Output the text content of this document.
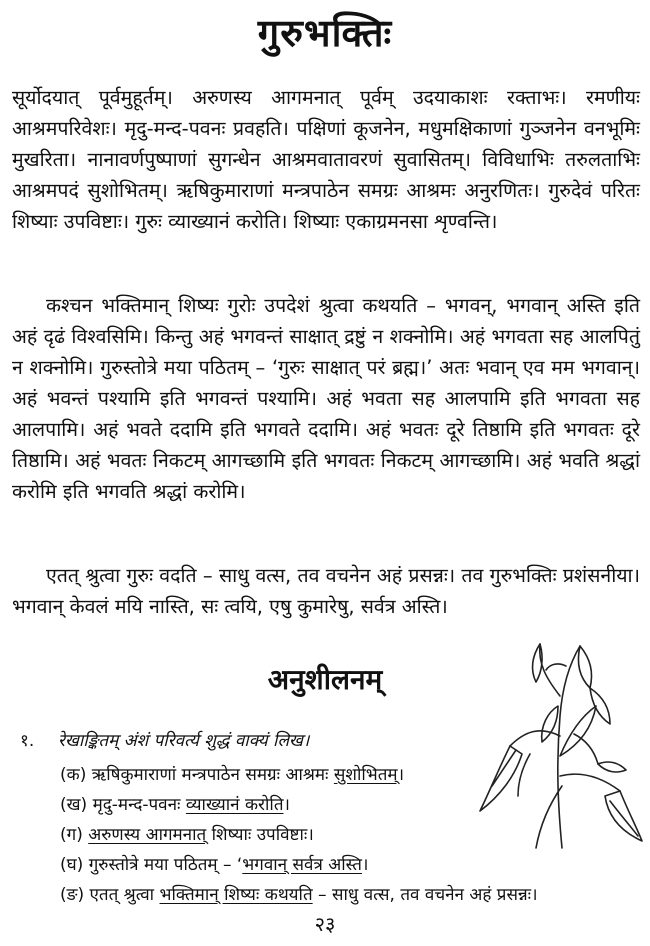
गुरुभक्तिः
सूर्योदयात् पूर्वमुहूर्तम्। अरुणस्य आगमनात् पूर्वम् उदयाकाशः रक्ताभः। रमणीयः आश्रमपरिवेशः। मृदु-मन्द-पवनः प्रवहति। पक्षिणां कूजनेन, मधुमक्षिकाणां गुञ्जनेन वनभूमिः मुखरिता। नानावर्णपुष्पाणां सुगन्धेन आश्रमवातावरणं सुवासितम्। विविधाभिः तरुलताभिः आश्रमपदं सुशोभितम्। ऋषिकुमाराणां मन्त्रपाठेन समग्रः आश्रमः अनुरणितः। गुरुदेवं परितः शिष्याः उपविष्टाः। गुरुः व्याख्यानं करोति। शिष्याः एकाग्रमनसा शृण्वन्ति।
कश्चन भक्तिमान् शिष्यः गुरोः उपदेशं श्रुत्वा कथयति – भगवन्, भगवान् अस्ति इति अहं दृढं विश्वसिमि। किन्तु अहं भगवन्तं साक्षात् द्रष्टुं न शक्नोमि। अहं भगवता सह आलपितुं न शक्नोमि। गुरुस्तोत्रे मया पठितम् – ‘गुरुः साक्षात् परं ब्रह्म।’ अतः भवान् एव मम भगवान्। अहं भवन्तं पश्यामि इति भगवन्तं पश्यामि। अहं भवता सह आलपामि इति भगवता सह आलपामि। अहं भवते ददामि इति भगवते ददामि। अहं भवतः दूरे तिष्ठामि इति भगवतः दूरे तिष्ठामि। अहं भवतः निकटम् आगच्छामि इति भगवतः निकटम् आगच्छामि। अहं भवति श्रद्धां करोमि इति भगवति श्रद्धां करोमि।
एतत् श्रुत्वा गुरुः वदति – साधु वत्स, तव वचनेन अहं प्रसन्नः। तव गुरुभक्तिः प्रशंसनीया। भगवान् केवलं मयि नास्ति, सः त्वयि, एषु कुमारेषु, सर्वत्र अस्ति।
अनुशीलनम्
१. रेखाङ्कितम् अंशं परिवर्त्य शुद्धं वाक्यं लिख।
(क) ऋषिकुमाराणां मन्त्रपाठेन समग्रः आश्रमः सुशोभितम्।
(ख) मृदु-मन्द-पवनः व्याख्यानं करोति।
(ग) अरुणस्य आगमनात् शिष्याः उपविष्टाः।
(घ) गुरुस्तोत्रे मया पठितम् – ‘भगवान् सर्वत्र अस्ति।
(ङ) एतत् श्रुत्वा भक्तिमान् शिष्यः कथयति – साधु वत्स, तव वचनेन अहं प्रसन्नः।
२३
